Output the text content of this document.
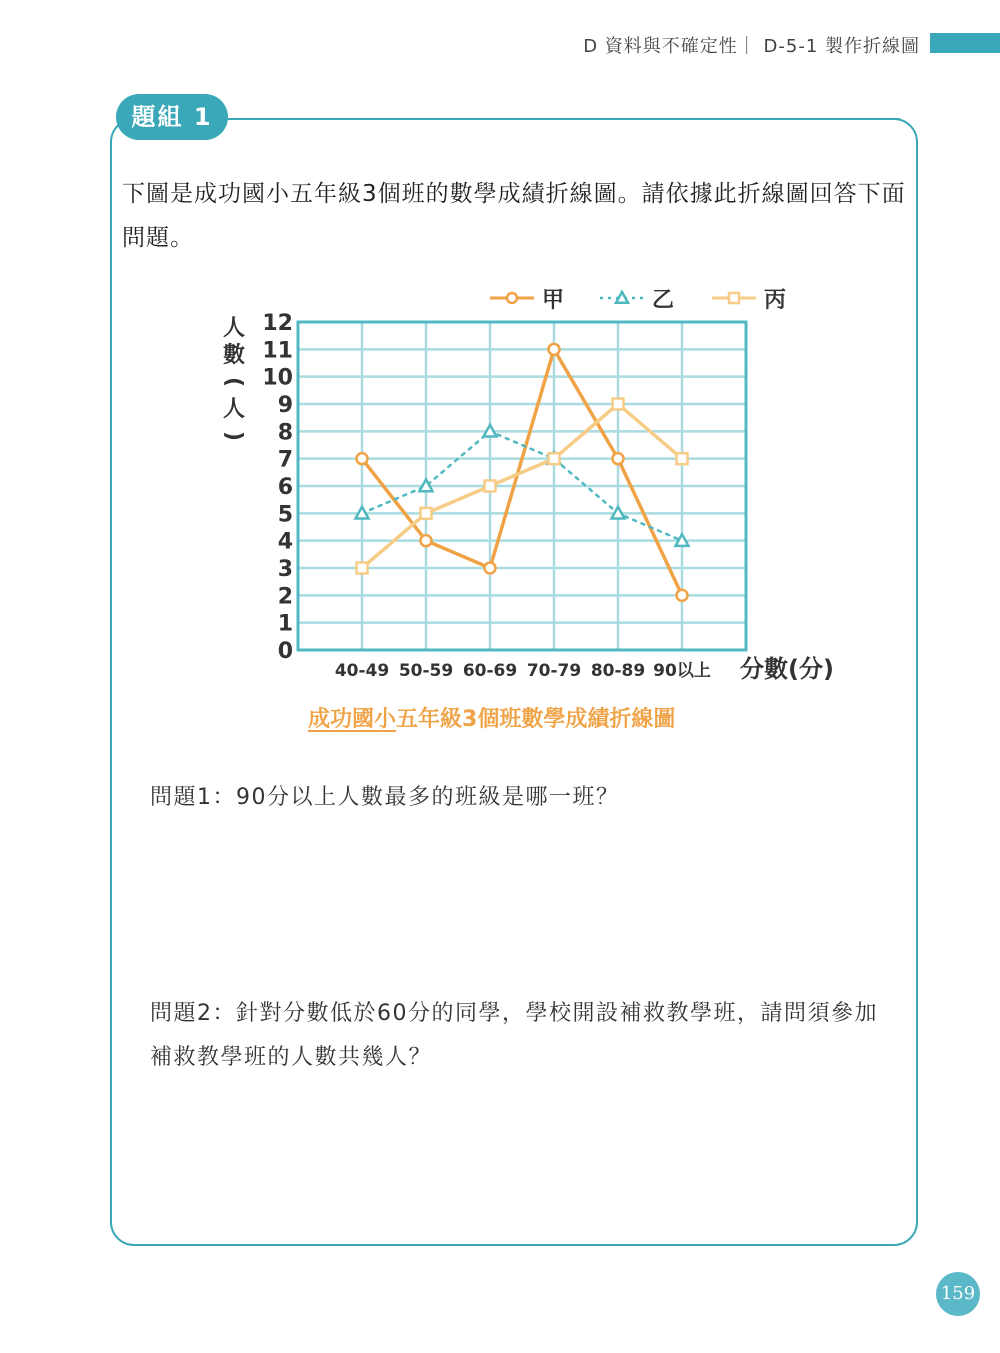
D 資料與不確定性｜ D-5-1 製作折線圖
題組 1
下圖是成功國小五年級3個班的數學成績折線圖。請依據此折線圖回答下面問題。
0
1
2
3
4
5
6
7
8
9
10
11
12
40-49 50-59 60-69 70-79 80-89 90以上
甲	乙	丙
人
數
(
人
)
分數(分)
成功國小五年級3個班數學成績折線圖
問題1：90分以上人數最多的班級是哪一班？
問題2：針對分數低於60分的同學，學校開設補救教學班，請問須參加補救教學班的人數共幾人？
159
